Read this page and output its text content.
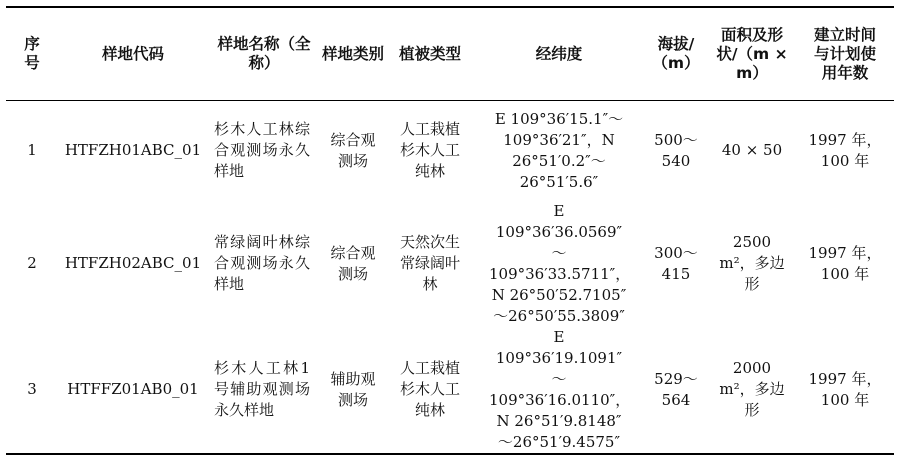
序号	样地代码	样地名称（全称）	样地类别	植被类型	经纬度	海拔/（m）	面积及形状/（m × m）	建立时间与计划使用年数
1	HTFZH01ABC_01	杉木人工林综合观测场永久样地	综合观测场	人工栽植杉木人工纯林	E 109°36′15.1″～109°36′21″，N 26°51′0.2″～26°51′5.6″	500～540	40 × 50	1997 年，100 年
2	HTFZH02ABC_01	常绿阔叶林综合观测场永久样地	综合观测场	天然次生常绿阔叶林	E 109°36′36.0569″～109°36′33.5711″，N 26°50′52.7105″～26°50′55.3809″	300～415	2500 m²，多边形	1997 年，100 年
3	HTFFZ01AB0_01	杉木人工林1号辅助观测场永久样地	辅助观测场	人工栽植杉木人工纯林	E 109°36′19.1091″～109°36′16.0110″，N 26°51′9.8148″～26°51′9.4575″	529～564	2000 m²，多边形	1997 年，100 年
